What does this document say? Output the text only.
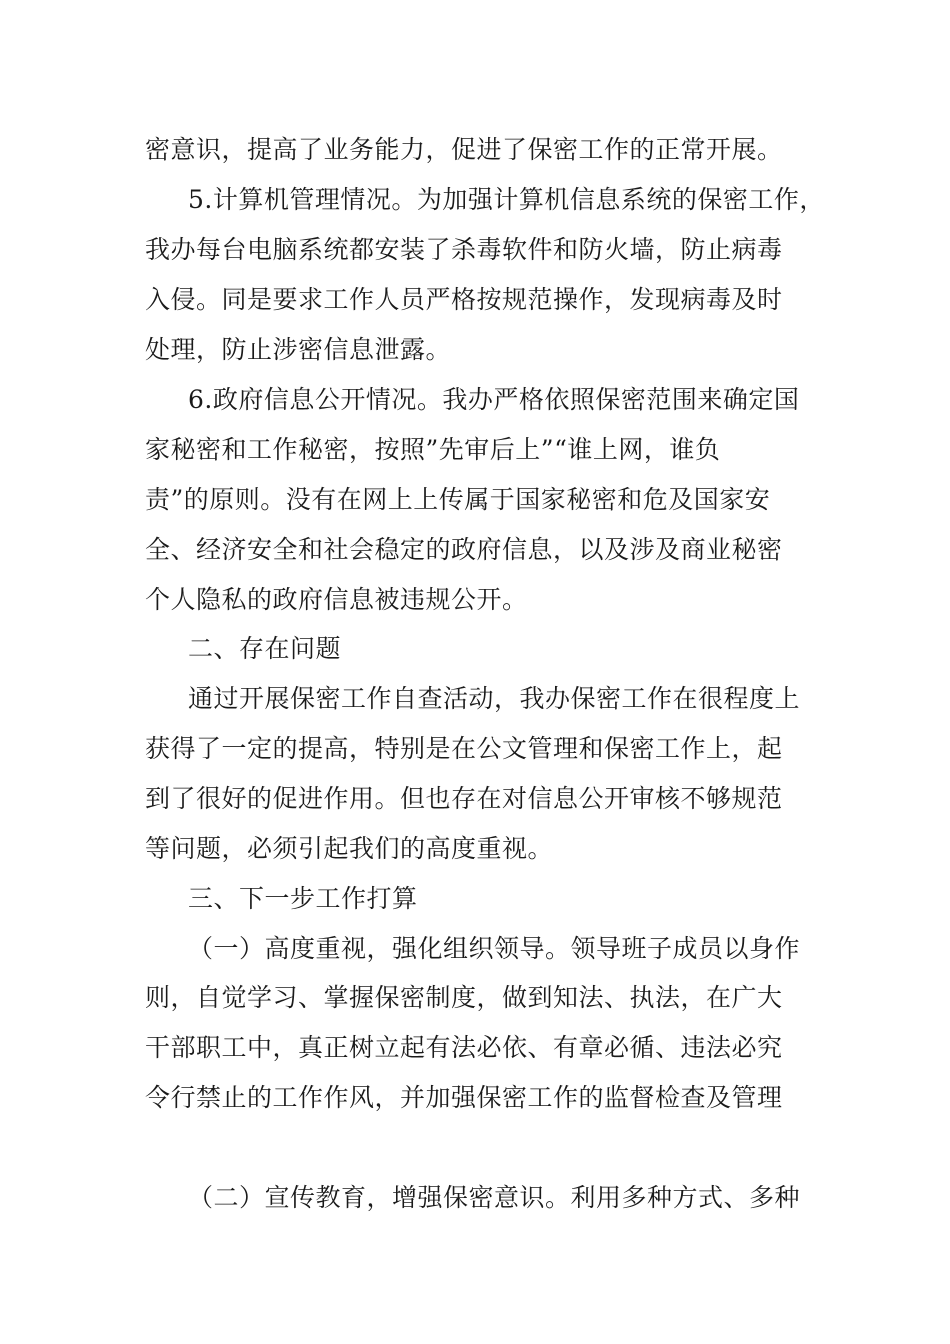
密意识，提高了业务能力，促进了保密工作的正常开展。

5.计算机管理情况。为加强计算机信息系统的保密工作，

我办每台电脑系统都安装了杀毒软件和防火墙，防止病毒

入侵。同是要求工作人员严格按规范操作，发现病毒及时

处理，防止涉密信息泄露。

6.政府信息公开情况。我办严格依照保密范围来确定国

家秘密和工作秘密，按照”先审后上”“谁上网，谁负

责”的原则。没有在网上上传属于国家秘密和危及国家安

全、经济安全和社会稳定的政府信息，以及涉及商业秘密

个人隐私的政府信息被违规公开。

二、存在问题

通过开展保密工作自查活动，我办保密工作在很程度上

获得了一定的提高，特别是在公文管理和保密工作上，起

到了很好的促进作用。但也存在对信息公开审核不够规范

等问题，必须引起我们的高度重视。

三、下一步工作打算

（一）高度重视，强化组织领导。领导班子成员以身作

则，自觉学习、掌握保密制度，做到知法、执法，在广大

干部职工中，真正树立起有法必依、有章必循、违法必究

令行禁止的工作作风，并加强保密工作的监督检查及管理

（二）宣传教育，增强保密意识。利用多种方式、多种
